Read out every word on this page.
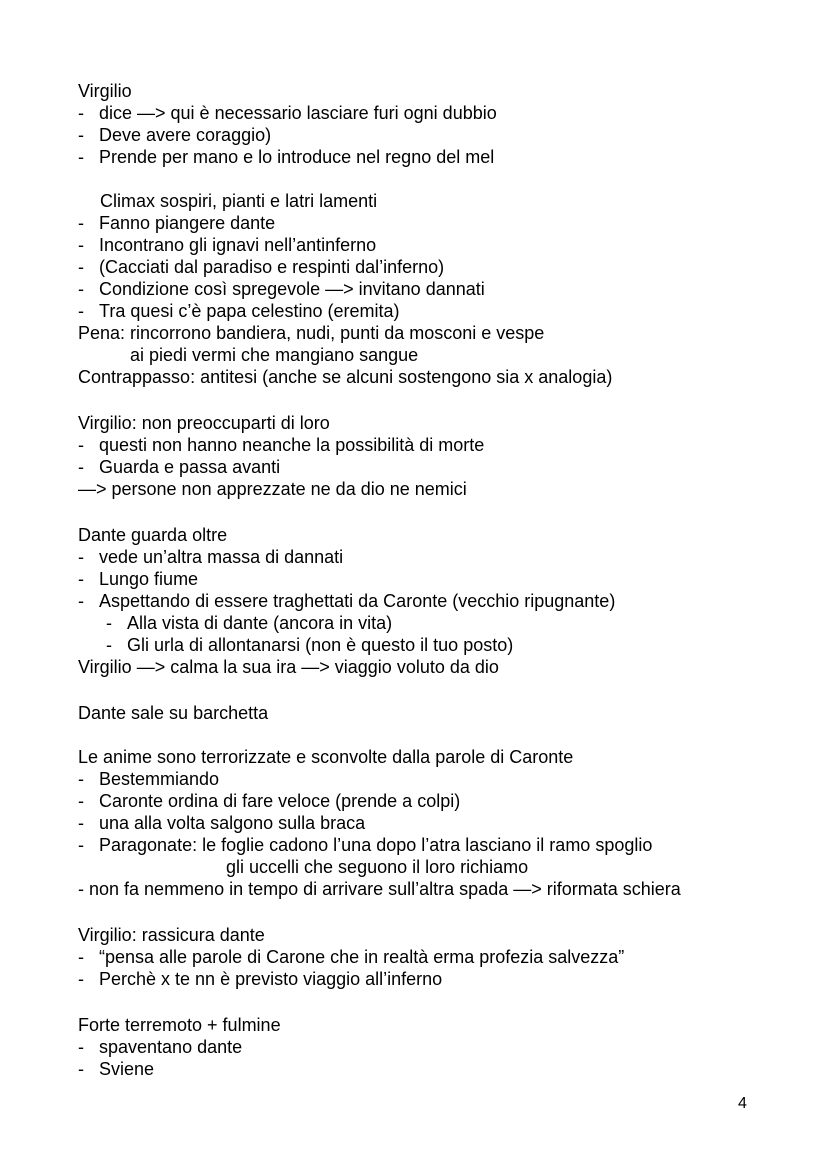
Virgilio
- dice —> qui è necessario lasciare furi ogni dubbio
- Deve avere coraggio)
- Prende per mano e lo introduce nel regno del mel
Climax sospiri, pianti e latri lamenti
- Fanno piangere dante
- Incontrano gli ignavi nell’antinferno
- (Cacciati dal paradiso e respinti dal’inferno)
- Condizione così spregevole —> invitano dannati
- Tra quesi c’è papa celestino (eremita)
Pena: rincorrono bandiera, nudi, punti da mosconi e vespe
ai piedi vermi che mangiano sangue
Contrappasso: antitesi (anche se alcuni sostengono sia x analogia)
Virgilio: non preoccuparti di loro
- questi non hanno neanche la possibilità di morte
- Guarda e passa avanti
—> persone non apprezzate ne da dio ne nemici
Dante guarda oltre
- vede un’altra massa di dannati
- Lungo fiume
- Aspettando di essere traghettati da Caronte (vecchio ripugnante)
- Alla vista di dante (ancora in vita)
- Gli urla di allontanarsi (non è questo il tuo posto)
Virgilio —> calma la sua ira —> viaggio voluto da dio
Dante sale su barchetta
Le anime sono terrorizzate e sconvolte dalla parole di Caronte
- Bestemmiando
- Caronte ordina di fare veloce (prende a colpi)
- una alla volta salgono sulla braca
- Paragonate: le foglie cadono l’una dopo l’atra lasciano il ramo spoglio
gli uccelli che seguono il loro richiamo
- non fa nemmeno in tempo di arrivare sull’altra spada —> riformata schiera
Virgilio: rassicura dante
- “pensa alle parole di Carone che in realtà erma profezia salvezza”
- Perchè x te nn è previsto viaggio all’inferno
Forte terremoto + fulmine
- spaventano dante
- Sviene
4
